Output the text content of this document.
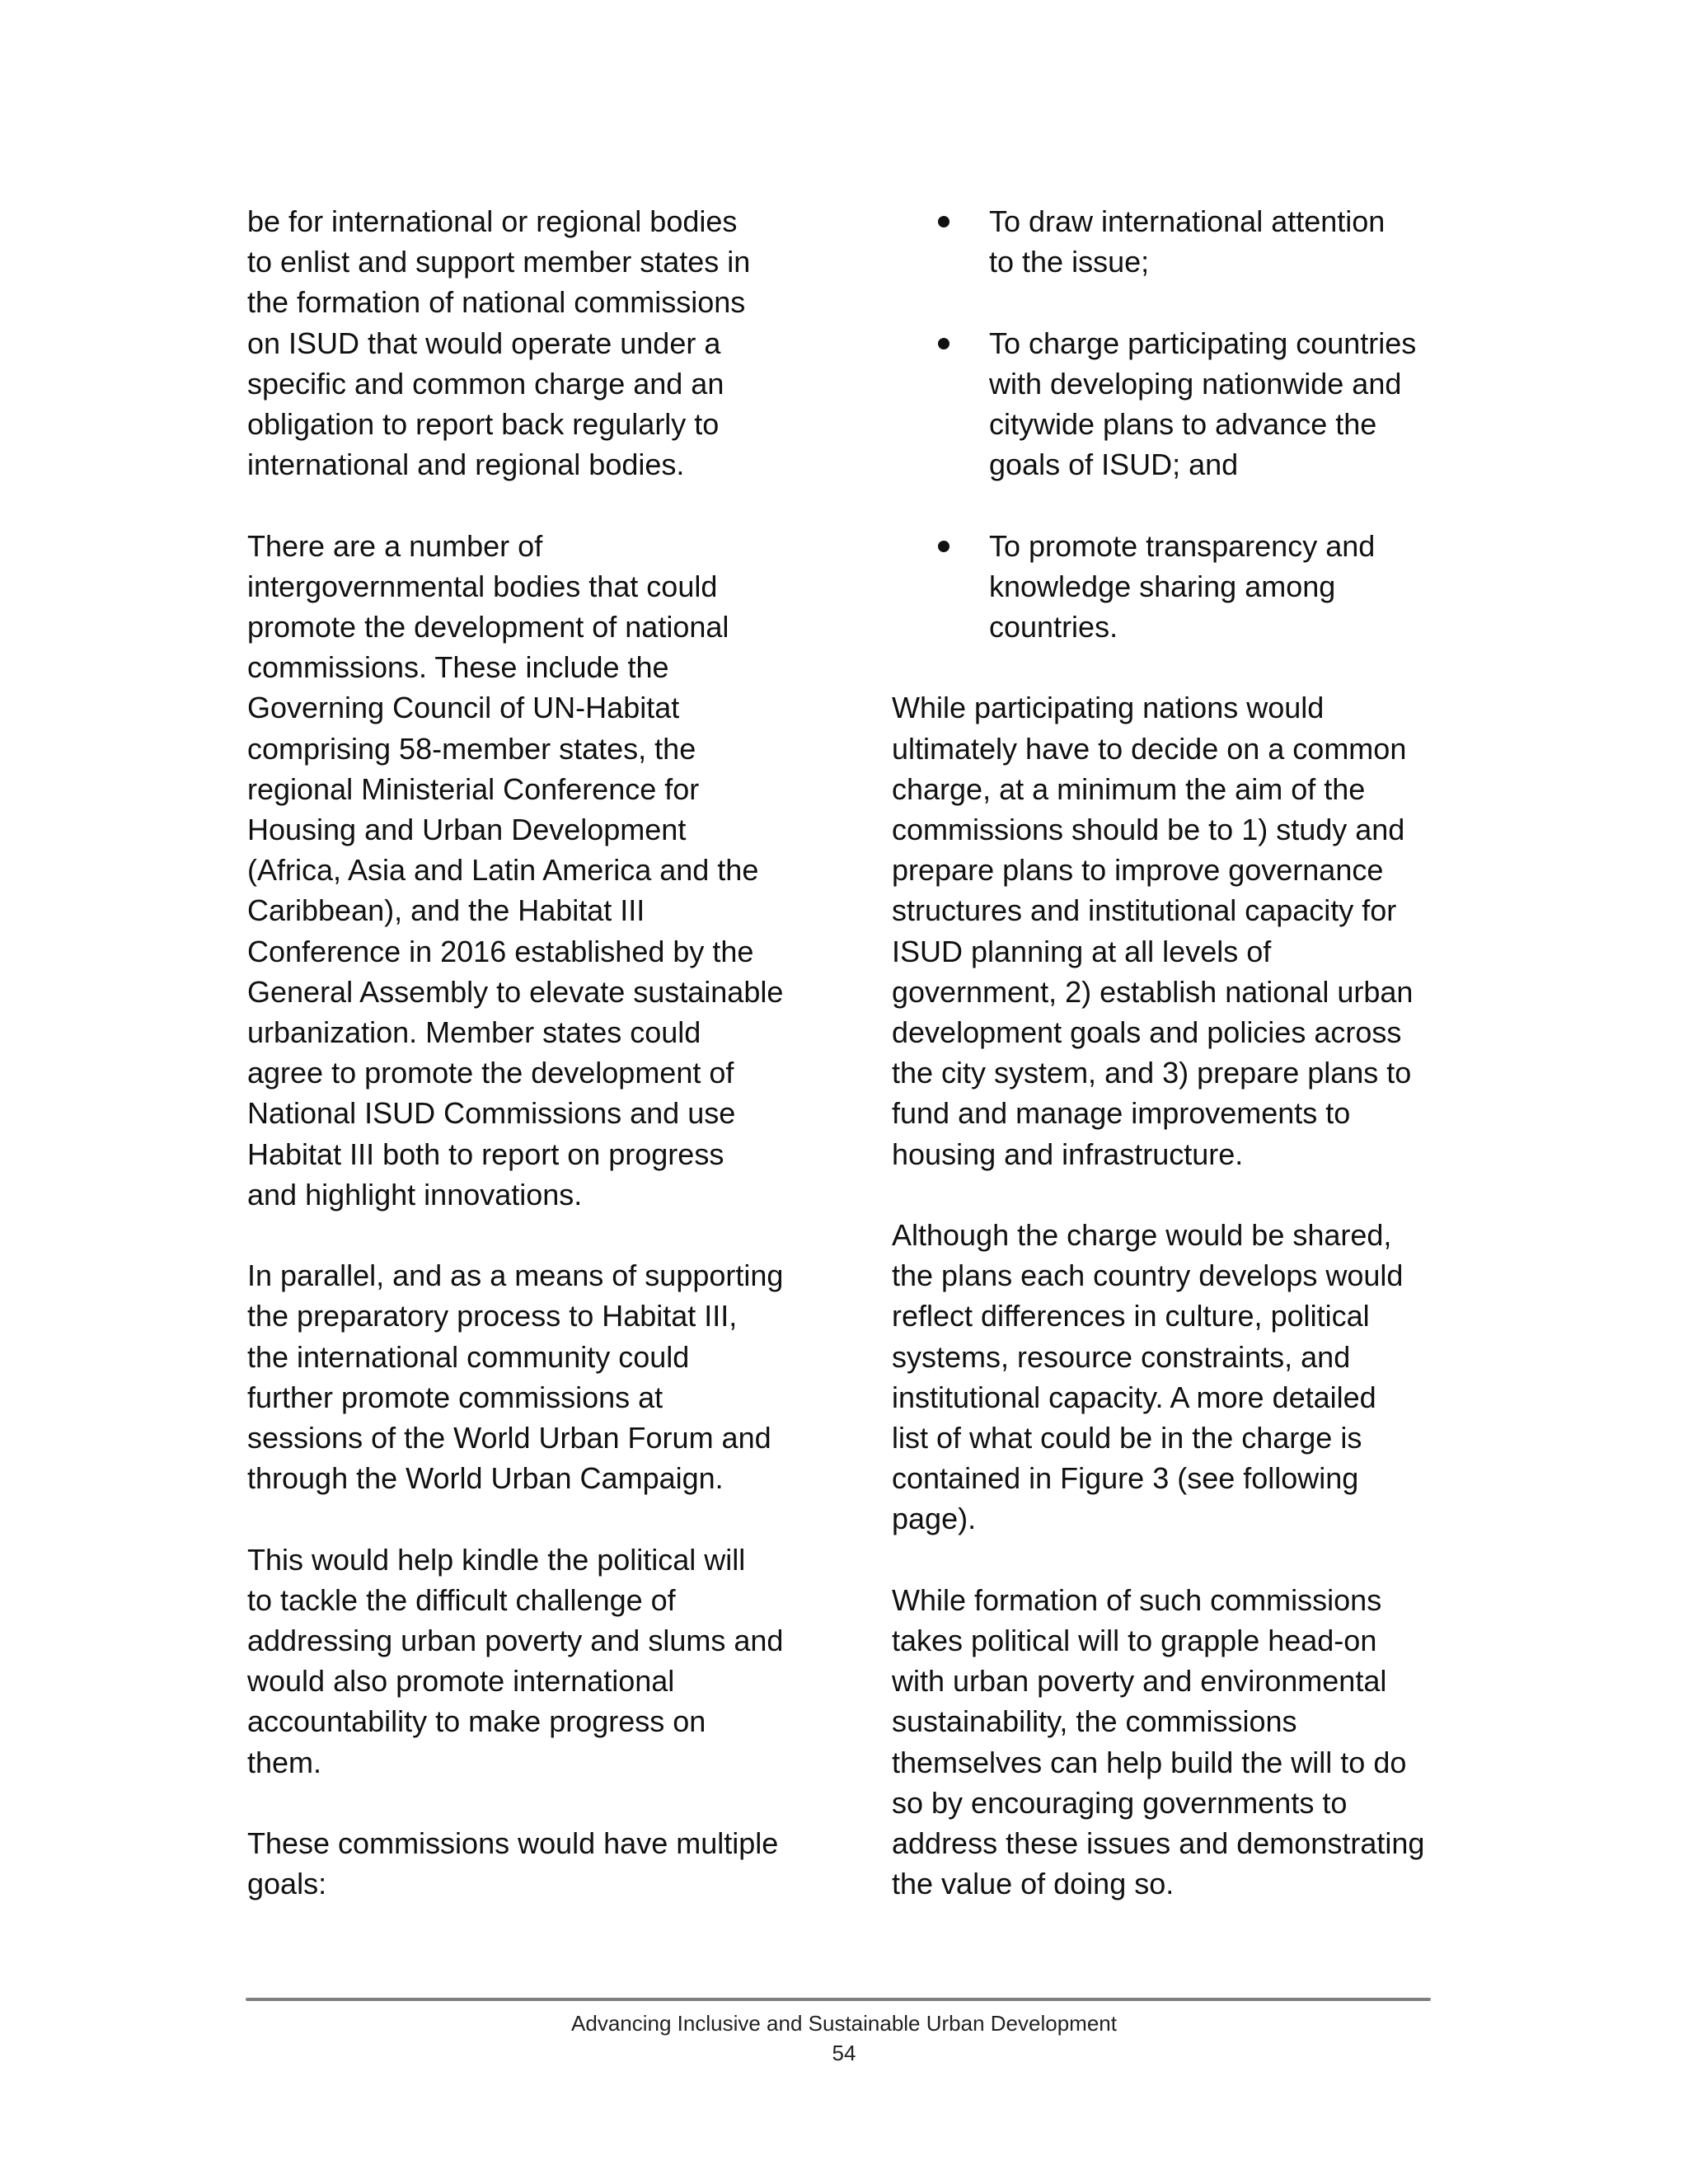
be for international or regional bodies
to enlist and support member states in
the formation of national commissions
on ISUD that would operate under a
specific and common charge and an
obligation to report back regularly to
international and regional bodies.

There are a number of
intergovernmental bodies that could
promote the development of national
commissions. These include the
Governing Council of UN-Habitat
comprising 58-member states, the
regional Ministerial Conference for
Housing and Urban Development
(Africa, Asia and Latin America and the
Caribbean), and the Habitat III
Conference in 2016 established by the
General Assembly to elevate sustainable
urbanization. Member states could
agree to promote the development of
National ISUD Commissions and use
Habitat III both to report on progress
and highlight innovations.

In parallel, and as a means of supporting
the preparatory process to Habitat III,
the international community could
further promote commissions at
sessions of the World Urban Forum and
through the World Urban Campaign.

This would help kindle the political will
to tackle the difficult challenge of
addressing urban poverty and slums and
would also promote international
accountability to make progress on
them.

These commissions would have multiple
goals:

To draw international attention
to the issue;
To charge participating countries
with developing nationwide and
citywide plans to advance the
goals of ISUD; and
To promote transparency and
knowledge sharing among
countries.

While participating nations would
ultimately have to decide on a common
charge, at a minimum the aim of the
commissions should be to 1) study and
prepare plans to improve governance
structures and institutional capacity for
ISUD planning at all levels of
government, 2) establish national urban
development goals and policies across
the city system, and 3) prepare plans to
fund and manage improvements to
housing and infrastructure.

Although the charge would be shared,
the plans each country develops would
reflect differences in culture, political
systems, resource constraints, and
institutional capacity. A more detailed
list of what could be in the charge is
contained in Figure 3 (see following
page).

While formation of such commissions
takes political will to grapple head-on
with urban poverty and environmental
sustainability, the commissions
themselves can help build the will to do
so by encouraging governments to
address these issues and demonstrating
the value of doing so.

Advancing Inclusive and Sustainable Urban Development
54
